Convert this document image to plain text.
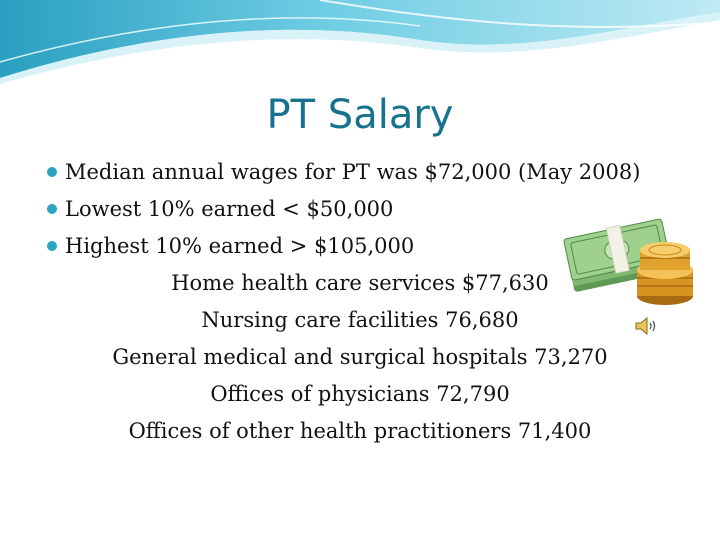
PT Salary
Median annual wages for PT was $72,000 (May 2008)
Lowest 10% earned < $50,000
Highest 10% earned > $105,000
Home health care services $77,630
Nursing care facilities 76,680
General medical and surgical hospitals 73,270
Offices of physicians 72,790
Offices of other health practitioners 71,400
